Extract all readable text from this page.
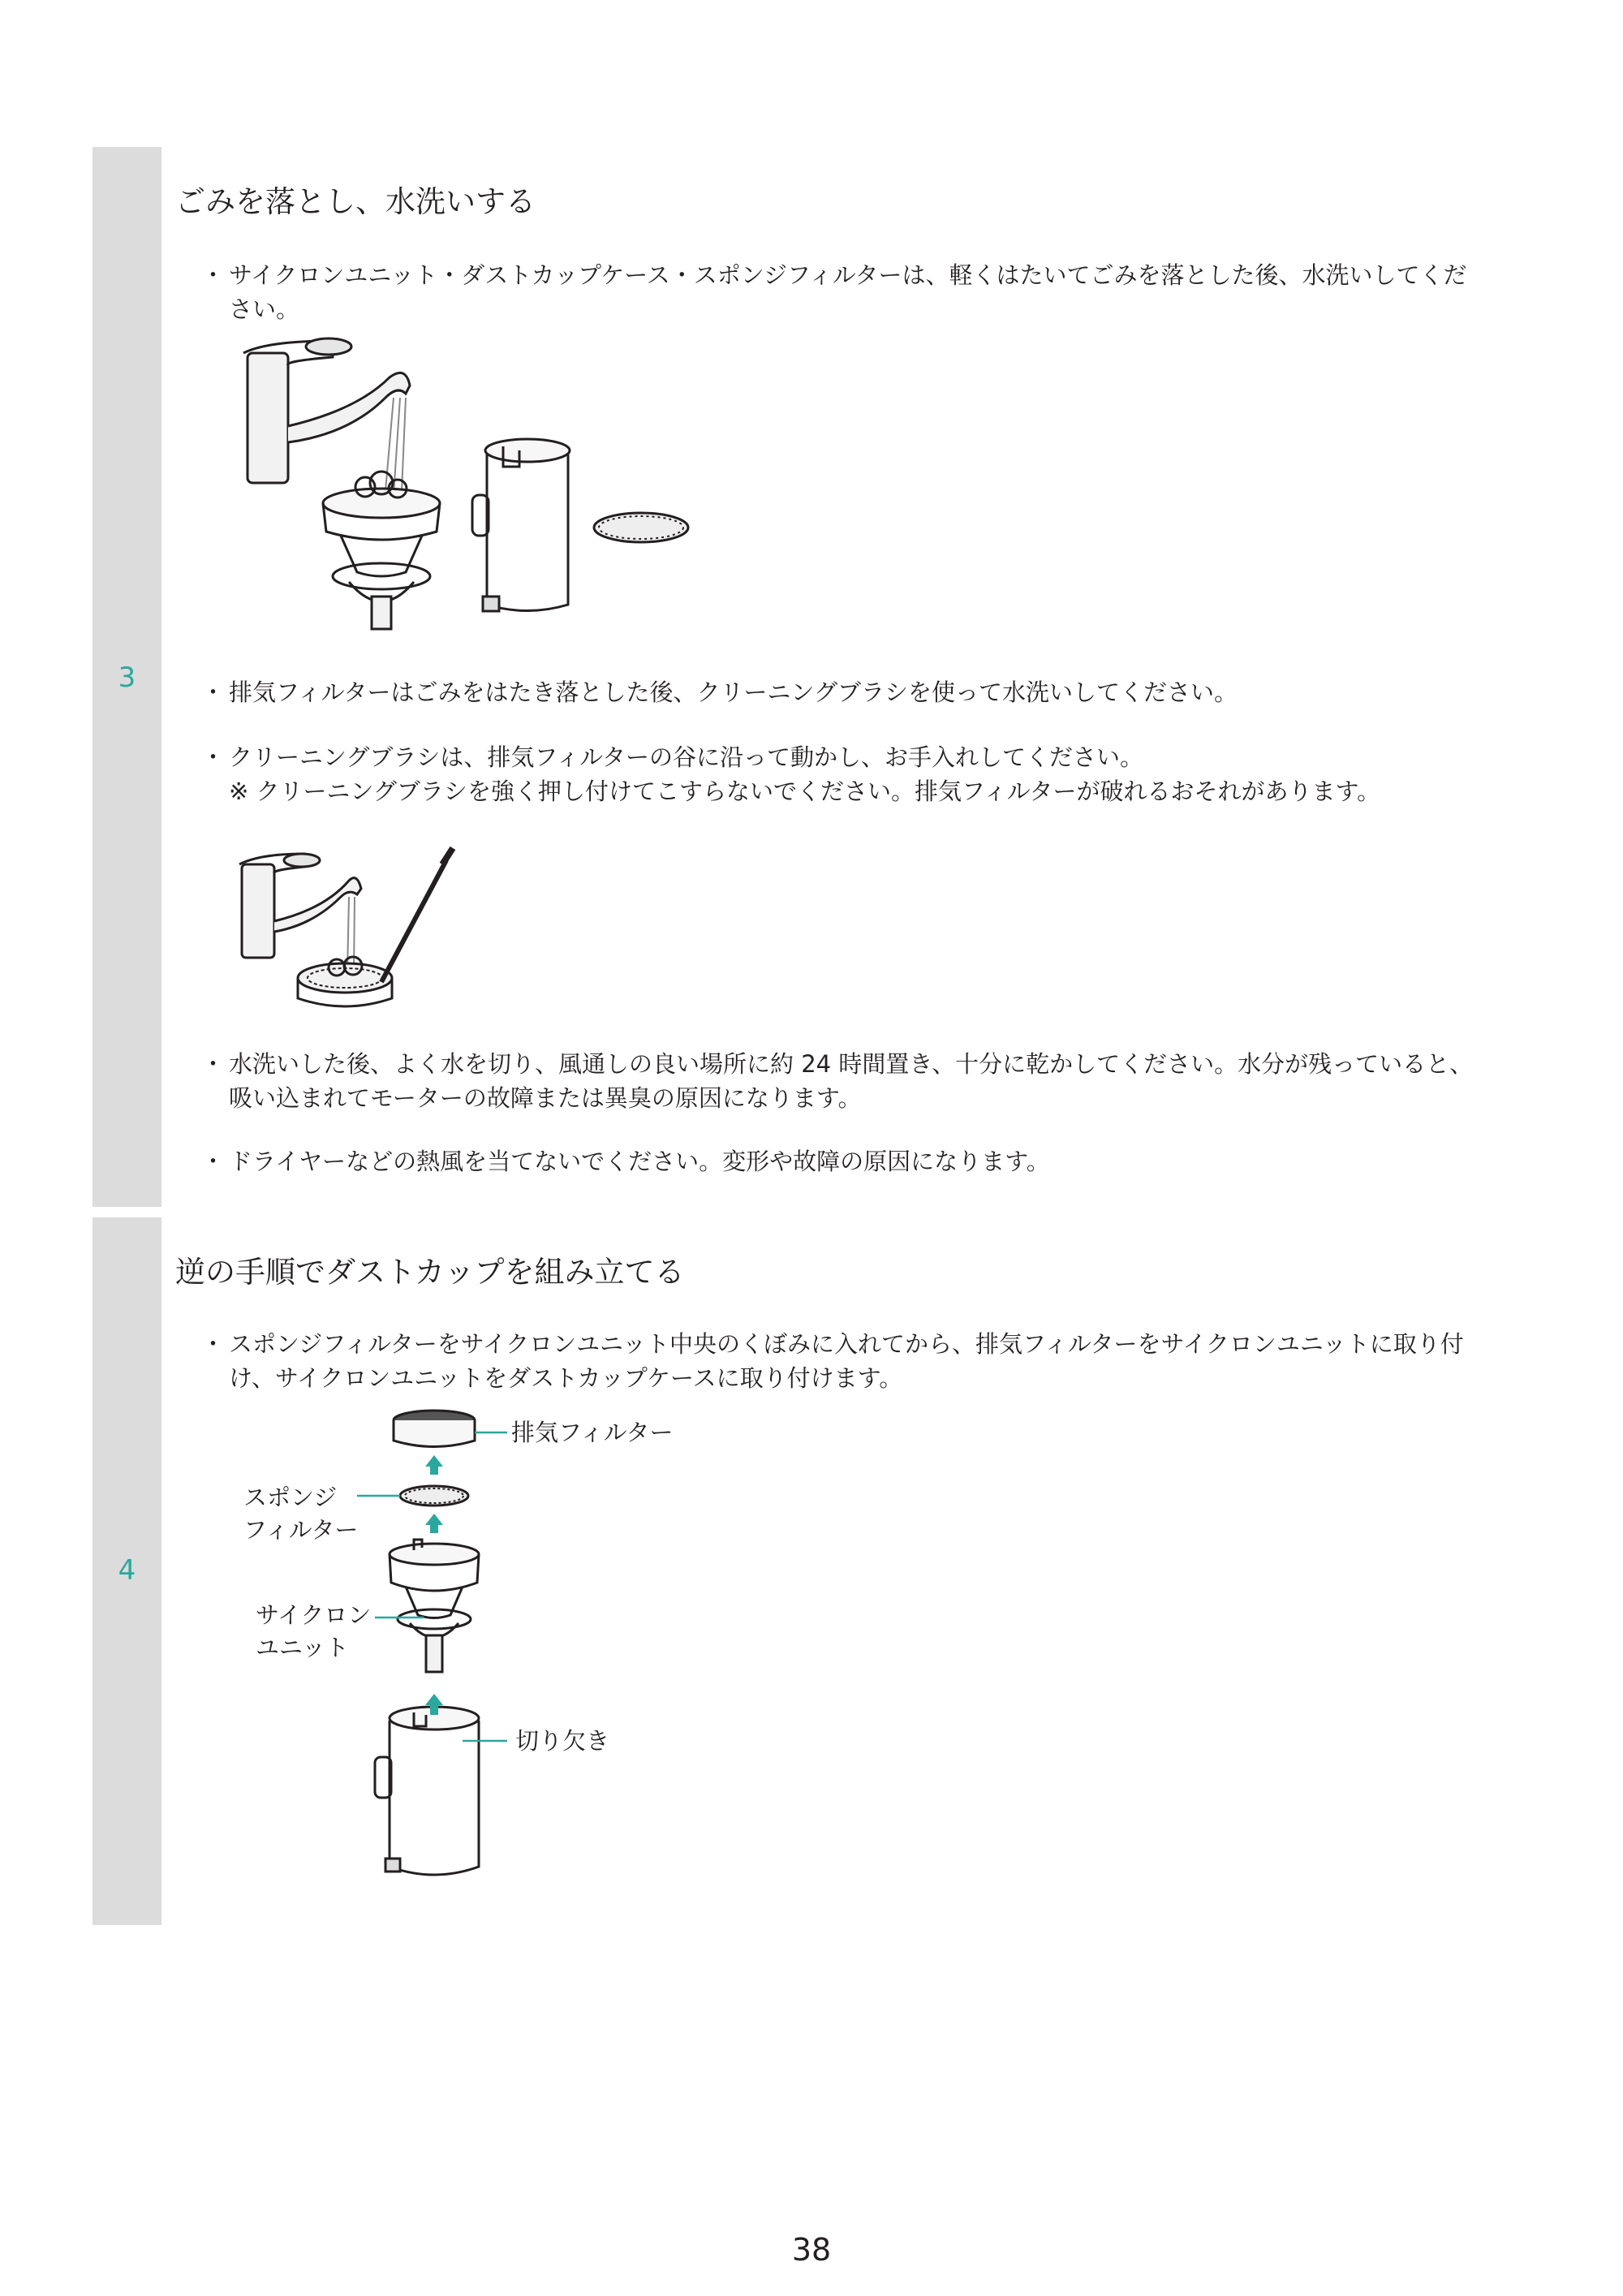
3
ごみを落とし、水洗いする
・ サイクロンユニット・ダストカップケース・スポンジフィルターは、軽くはたいてごみを落とした後、水洗いしてください。
・ 排気フィルターはごみをはたき落とした後、クリーニングブラシを使って水洗いしてください。
・ クリーニングブラシは、排気フィルターの谷に沿って動かし、お手入れしてください。
※ クリーニングブラシを強く押し付けてこすらないでください。排気フィルターが破れるおそれがあります。
・ 水洗いした後、よく水を切り、風通しの良い場所に約 24 時間置き、十分に乾かしてください。水分が残っていると、吸い込まれてモーターの故障または異臭の原因になります。
・ ドライヤーなどの熱風を当てないでください。変形や故障の原因になります。
4
逆の手順でダストカップを組み立てる
・ スポンジフィルターをサイクロンユニット中央のくぼみに入れてから、排気フィルターをサイクロンユニットに取り付け、サイクロンユニットをダストカップケースに取り付けます。
排気フィルター
スポンジ
フィルター
サイクロン
ユニット
切り欠き
38
